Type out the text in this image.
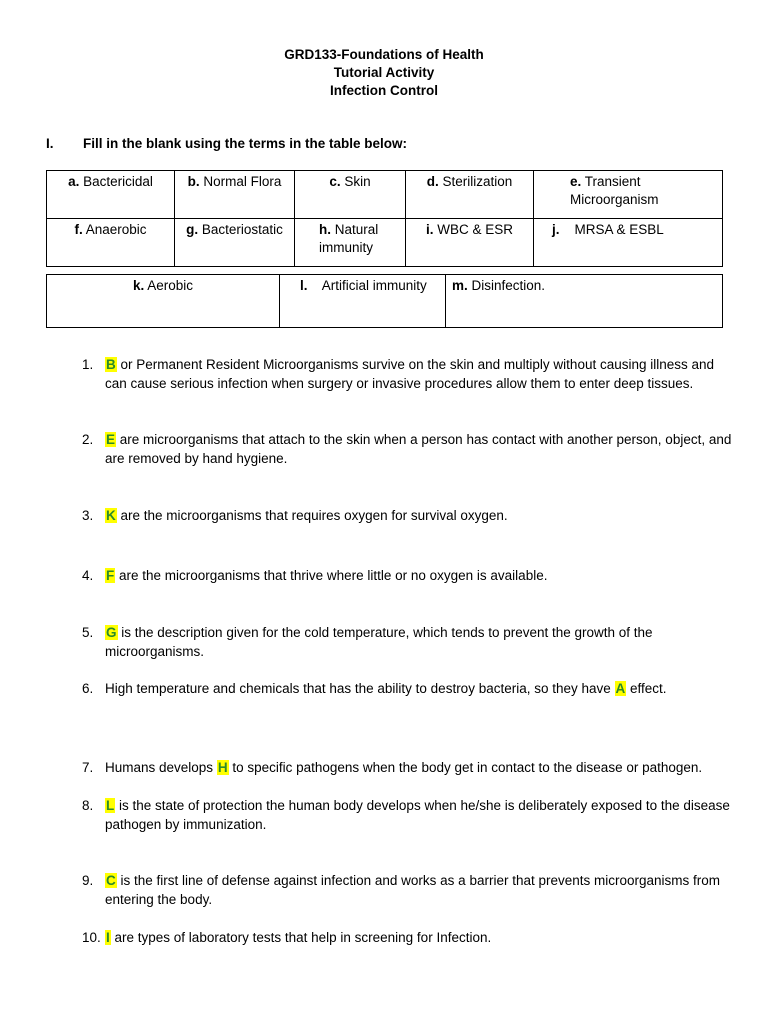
GRD133-Foundations of Health
Tutorial Activity
Infection Control
I. Fill in the blank using the terms in the table below:
a. Bactericidal	b. Normal Flora	c. Skin	d. Sterilization	e. Transient Microorganism
f. Anaerobic	g. Bacteriostatic	h. Natural immunity	i. WBC & ESR	j. MRSA & ESBL
k. Aerobic	l. Artificial immunity	m. Disinfection.
1. B or Permanent Resident Microorganisms survive on the skin and multiply without causing illness and can cause serious infection when surgery or invasive procedures allow them to enter deep tissues.
2. E are microorganisms that attach to the skin when a person has contact with another person, object, and are removed by hand hygiene.
3. K are the microorganisms that requires oxygen for survival oxygen.
4. F are the microorganisms that thrive where little or no oxygen is available.
5. G is the description given for the cold temperature, which tends to prevent the growth of the microorganisms.
6. High temperature and chemicals that has the ability to destroy bacteria, so they have A effect.
7. Humans develops H to specific pathogens when the body get in contact to the disease or pathogen.
8. L is the state of protection the human body develops when he/she is deliberately exposed to the disease pathogen by immunization.
9. C is the first line of defense against infection and works as a barrier that prevents microorganisms from entering the body.
10. I are types of laboratory tests that help in screening for Infection.
